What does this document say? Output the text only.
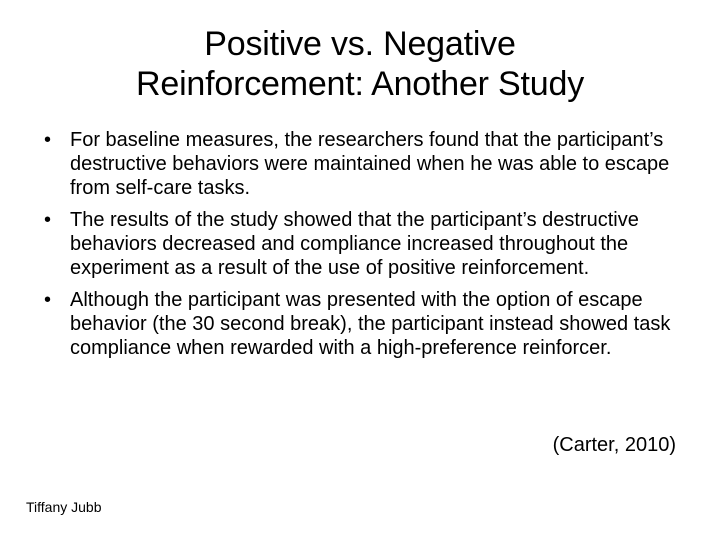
Positive vs. Negative
Reinforcement: Another Study
• For baseline measures, the researchers found that the participant’s destructive behaviors were maintained when he was able to escape from self-care tasks.
• The results of the study showed that the participant’s destructive behaviors decreased and compliance increased throughout the experiment as a result of the use of positive reinforcement.
• Although the participant was presented with the option of escape behavior (the 30 second break), the participant instead showed task compliance when rewarded with a high-preference reinforcer.
(Carter, 2010)
Tiffany Jubb
